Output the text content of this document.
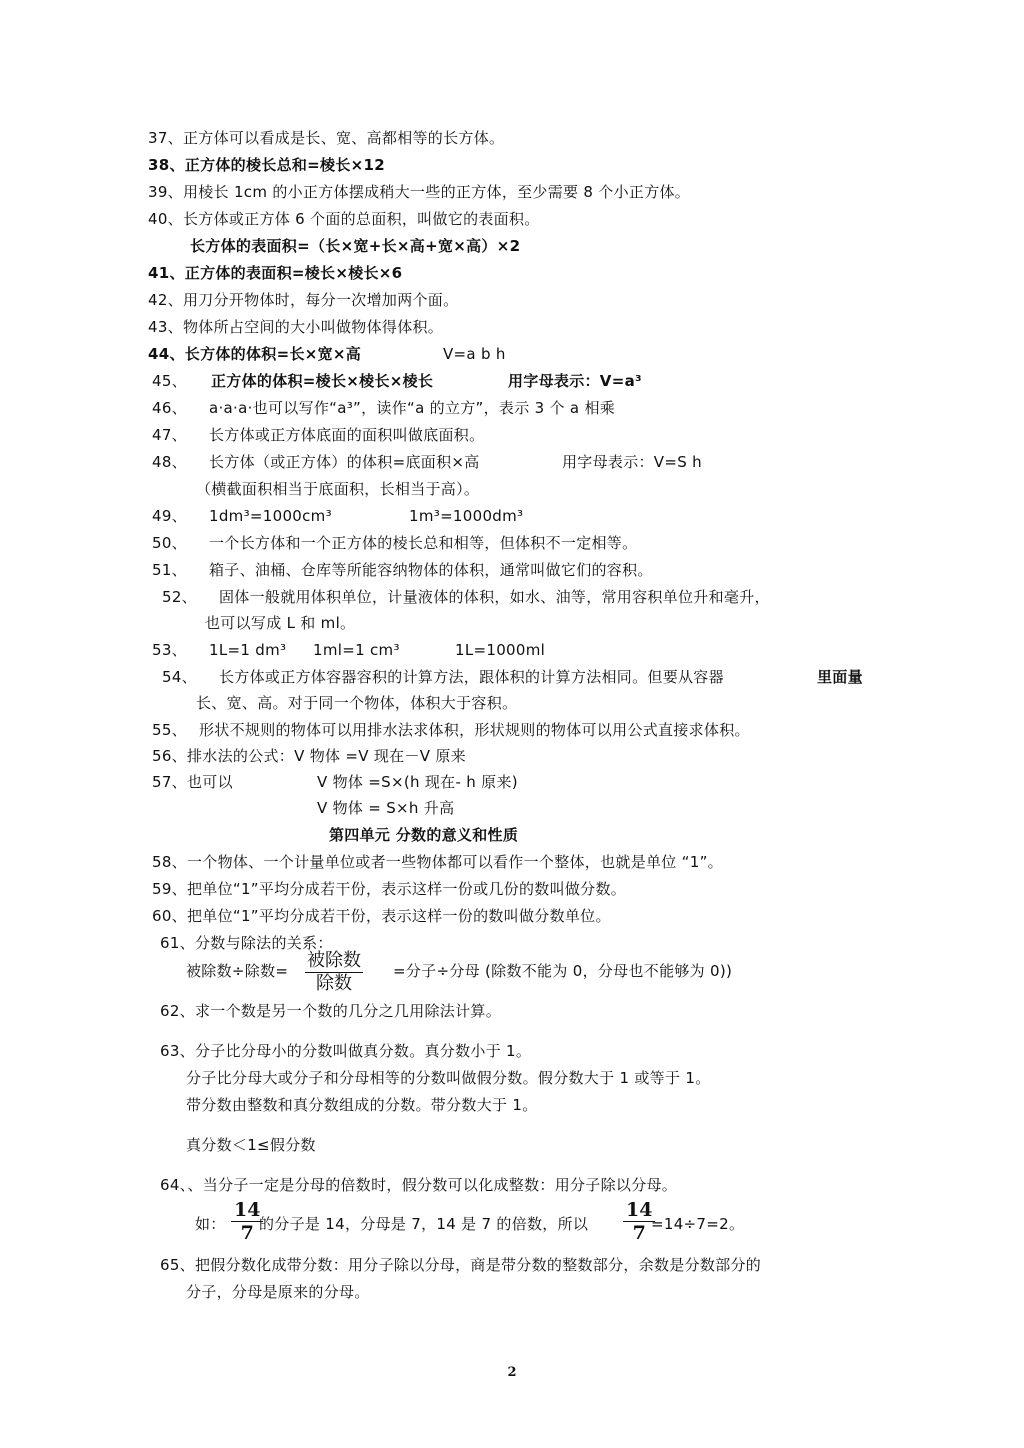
37、正方体可以看成是长、宽、高都相等的长方体。
38、正方体的棱长总和=棱长×12
39、用棱长 1cm 的小正方体摆成稍大一些的正方体，至少需要 8 个小正方体。
40、长方体或正方体 6 个面的总面积，叫做它的表面积。
长方体的表面积=（长×宽+长×高+宽×高）×2
41、正方体的表面积=棱长×棱长×6
42、用刀分开物体时，每分一次增加两个面。
43、物体所占空间的大小叫做物体得体积。
44、长方体的体积=长×宽×高	V=a b h
45、 正方体的体积=棱长×棱长×棱长	用字母表示：V=a³
46、 a·a·a·也可以写作“a³”，读作“a 的立方”，表示 3 个 a 相乘
47、 长方体或正方体底面的面积叫做底面积。
48、 长方体（或正方体）的体积=底面积×高	用字母表示：V=S h
（横截面积相当于底面积，长相当于高）。
49、 1dm³=1000cm³	1m³=1000dm³
50、 一个长方体和一个正方体的棱长总和相等，但体积不一定相等。
51、 箱子、油桶、仓库等所能容纳物体的体积，通常叫做它们的容积。
52、 固体一般就用体积单位，计量液体的体积，如水、油等，常用容积单位升和毫升，
也可以写成 L 和 ml。
53、 1L=1 dm³ 1ml=1 cm³	1L=1000ml
54、 长方体或正方体容器容积的计算方法，跟体积的计算方法相同。但要从容器	里面量
长、宽、高。对于同一个物体，体积大于容积。
55、 形状不规则的物体可以用排水法求体积，形状规则的物体可以用公式直接求体积。
56、排水法的公式：V 物体 =V 现在－V 原来
57、也可以	V 物体 =S×(h 现在- h 原来)
V 物体 = S×h 升高
第四单元 分数的意义和性质
58、一个物体、一个计量单位或者一些物体都可以看作一个整体，也就是单位 “1”。
59、把单位“1”平均分成若干份，表示这样一份或几份的数叫做分数。
60、把单位“1”平均分成若干份，表示这样一份的数叫做分数单位。
61、分数与除法的关系：
被除数÷除数= 被除数
除数
=分子÷分母 (除数不能为 0，分母也不能够为 0))
62、求一个数是另一个数的几分之几用除法计算。
63、分子比分母小的分数叫做真分数。真分数小于 1。
分子比分母大或分子和分母相等的分数叫做假分数。假分数大于 1 或等于 1。
带分数由整数和真分数组成的分数。带分数大于 1。
真分数＜1≤假分数
64、、当分子一定是分母的倍数时，假分数可以化成整数：用分子除以分母。
如： $\frac{14}{7}$
的分子是 14，分母是 7，14 是 7 的倍数，所以 $\frac{14}{7}$
=14÷7=2。
65、把假分数化成带分数：用分子除以分母，商是带分数的整数部分，余数是分数部分的
分子，分母是原来的分母。
2
